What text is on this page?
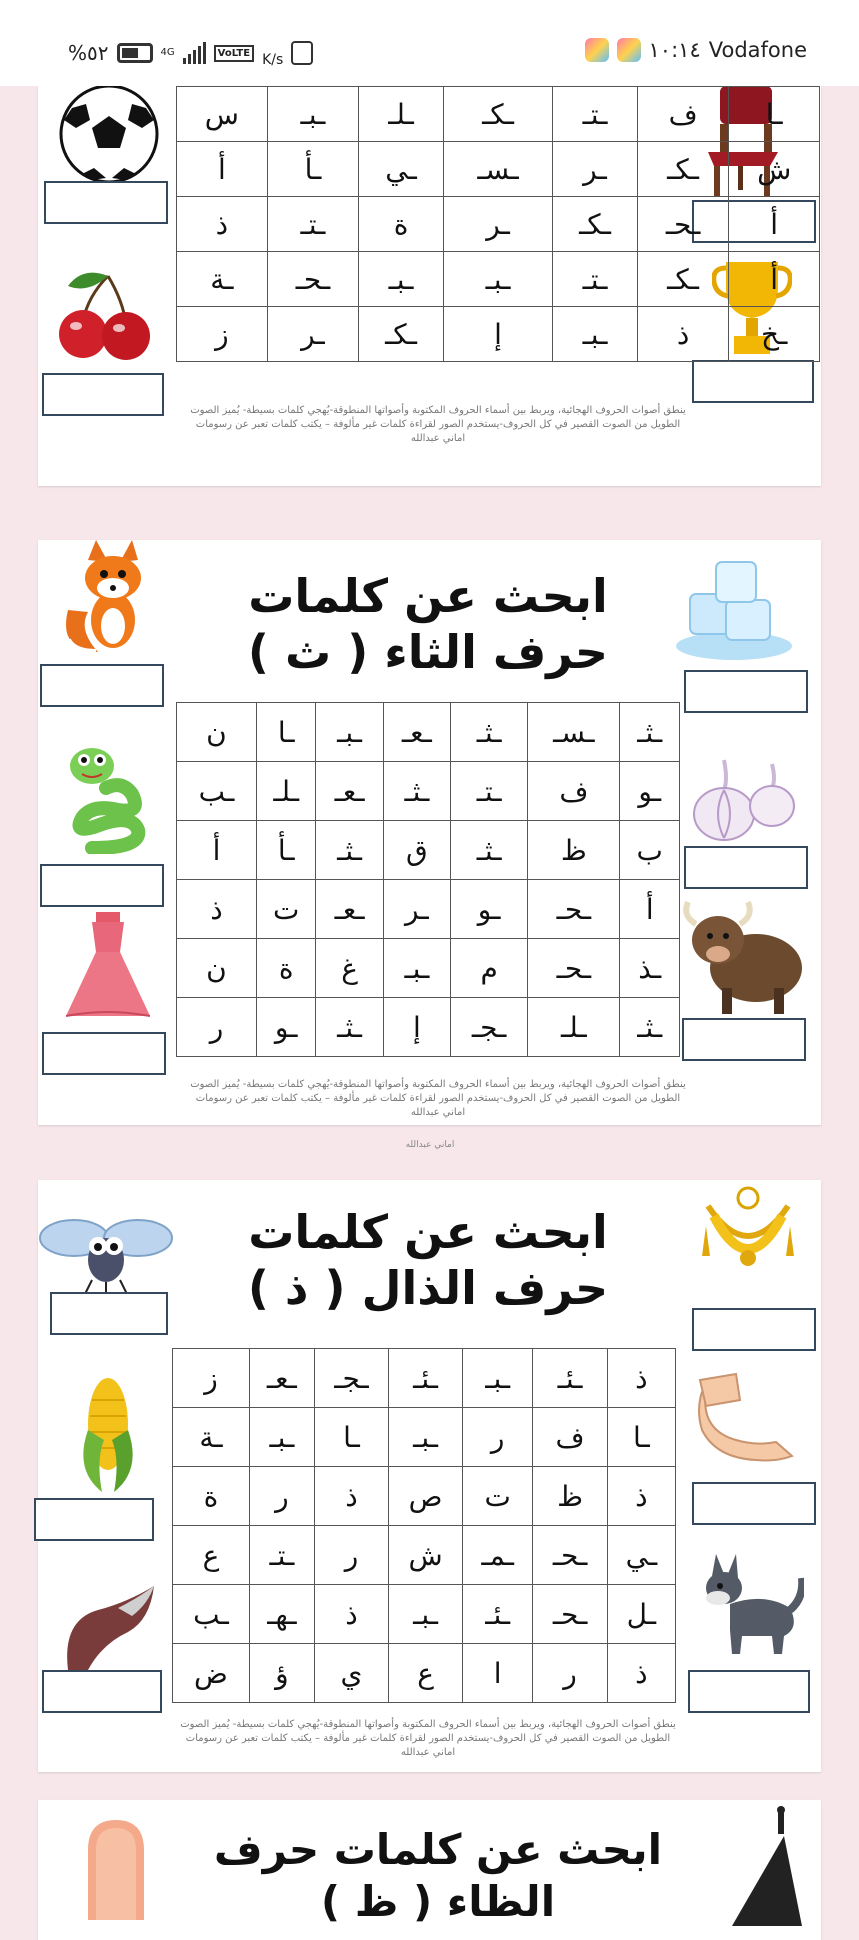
%٥٢	4G	VoLTE K/s	١٠:١٤ Vodafone
ـا	ف	ـتـ	ـكـ	ـلـ	ـبـ	س
ش	ـكـ	ـر	ـسـ	ـي	ـأ	أ
أ	ـحـ	ـكـ	ـر	ة	ـتـ	ذ
أ	ـكـ	ـتـ	ـبـ	ـبـ	ـحـ	ـة
ـخ	ذ	ـبـ	إ	ـكـ	ـر	ز
ينطق أصوات الحروف الهجائية، ويربط بين أسماء الحروف المكتوبة وأصواتها المنطوقة-يُهجي كلمات بسيطة- يُميز الصوت
الطويل من الصوت القصير في كل الحروف-يستخدم الصور لقراءة كلمات غير مألوفة – يكتب كلمات تعبر عن رسومات
اماني عبدالله
ابحث عن كلمات
حرف الثاء ( ث )
ـثـ	ـسـ	ـثـ	ـعـ	ـبـ	ـا	ن
ـو	ف	ـتـ	ـثـ	ـعـ	ـلـ	ـب
ب	ظ	ـثـ	ق	ـثـ	ـأ	أ
أ	ـحـ	ـو	ـر	ـعـ	ت	ذ
ـذ	ـحـ	م	ـبـ	غ	ة	ن
ـثـ	ـلـ	ـجـ	إ	ـثـ	ـو	ر
ينطق أصوات الحروف الهجائية، ويربط بين أسماء الحروف المكتوبة وأصواتها المنطوقة-يُهجي كلمات بسيطة- يُميز الصوت
الطويل من الصوت القصير في كل الحروف-يستخدم الصور لقراءة كلمات غير مألوفة – يكتب كلمات تعبر عن رسومات
اماني عبدالله
اماني عبدالله
ابحث عن كلمات
حرف الذال ( ذ )
ذ	ـئـ	ـبـ	ـئـ	ـجـ	ـعـ	ز
ـا	ف	ر	ـبـ	ـا	ـبـ	ـة
ذ	ظ	ت	ص	ذ	ر	ة
ـي	ـحـ	ـمـ	ش	ر	ـتـ	ع
ـل	ـحـ	ـئـ	ـبـ	ذ	ـهـ	ـب
ذ	ر	ا	ع	ي	ؤ	ض
ينطق أصوات الحروف الهجائية، ويربط بين أسماء الحروف المكتوبة وأصواتها المنطوقة-يُهجي كلمات بسيطة- يُميز الصوت
الطويل من الصوت القصير في كل الحروف-يستخدم الصور لقراءة كلمات غير مألوفة – يكتب كلمات تعبر عن رسومات
اماني عبدالله
ابحث عن كلمات حرف
الظاء ( ظ )
